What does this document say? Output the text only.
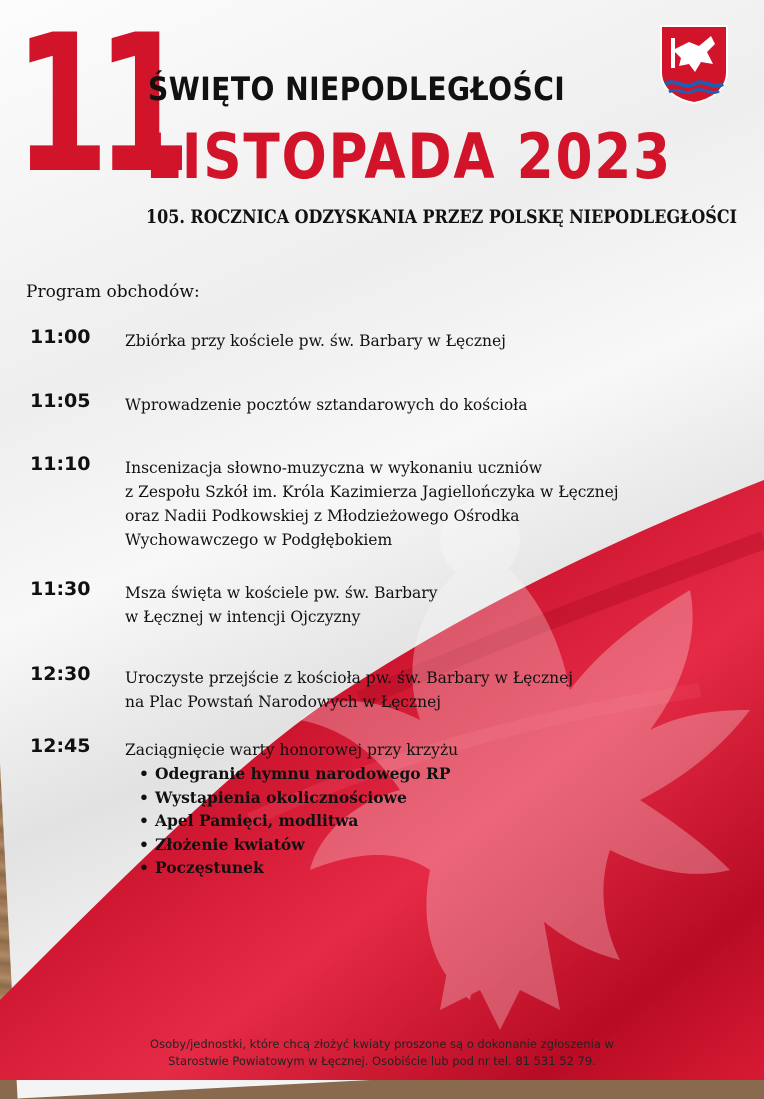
11
ŚWIĘTO NIEPODLEGŁOŚCI
LISTOPADA 2023
105. ROCZNICA ODZYSKANIA PRZEZ POLSKĘ NIEPODLEGŁOŚCI
Program obchodów:
11:00 Zbiórka przy kościele pw. św. Barbary w Łęcznej
11:05 Wprowadzenie pocztów sztandarowych do kościoła
11:10 Inscenizacja słowno-muzyczna w wykonaniu uczniów
z Zespołu Szkół im. Króla Kazimierza Jagiellończyka w Łęcznej
oraz Nadii Podkowskiej z Młodzieżowego Ośrodka
Wychowawczego w Podgłębokiem
11:30 Msza święta w kościele pw. św. Barbary
w Łęcznej w intencji Ojczyzny
12:30 Uroczyste przejście z kościoła pw. św. Barbary w Łęcznej
na Plac Powstań Narodowych w Łęcznej
12:45 Zaciągnięcie warty honorowej przy krzyżu
• Odegranie hymnu narodowego RP
• Wystąpienia okolicznościowe
• Apel Pamięci, modlitwa
• Złożenie kwiatów
• Poczęstunek
Osoby/jednostki, które chcą złożyć kwiaty proszone są o dokonanie zgłoszenia w
Starostwie Powiatowym w Łęcznej. Osobiście lub pod nr tel. 81 531 52 79.
